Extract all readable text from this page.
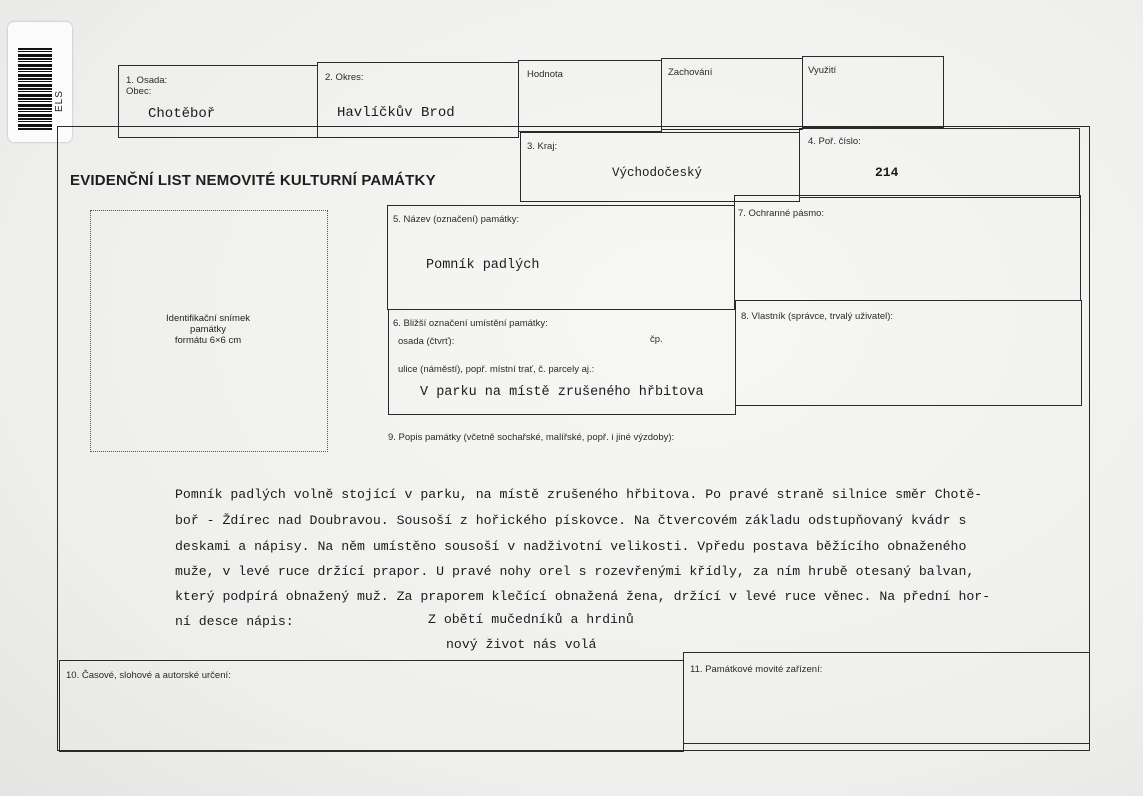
ELS
1. Osada:
Obec:
Chotěboř
2. Okres:
Havlíčkův Brod
Hodnota	Zachování	Využití
EVIDENČNÍ LIST NEMOVITÉ KULTURNÍ PAMÁTKY
3. Kraj:
Východočeský
4. Poř. číslo:
214
Identifikační snímek
památky
formátu 6×6 cm
5. Název (označení) památky:
Pomník padlých
7. Ochranné pásmo:
6. Bližší označení umístění památky:
osada (čtvrť):	čp.
ulice (náměstí), popř. místní trať, č. parcely aj.:
V parku na místě zrušeného hřbitova
8. Vlastník (správce, trvalý uživatel):
9. Popis památky (včetně sochařské, malířské, popř. i jiné výzdoby):
Pomník padlých volně stojící v parku, na místě zrušeného hřbitova. Po pravé straně silnice směr Chotě-
boř - Ždírec nad Doubravou. Sousoší z hořického pískovce. Na čtvercovém základu odstupňovaný kvádr s
deskami a nápisy. Na něm umístěno sousoší v nadživotní velikosti. Vpředu postava běžícího obnaženého
muže, v levé ruce držící prapor. U pravé nohy orel s rozevřenými křídly, za ním hrubě otesaný balvan,
který podpírá obnažený muž. Za praporem klečící obnažená žena, držící v levé ruce věnec. Na přední hor-
ní desce nápis:	Z obětí mučedníků a hrdinů
nový život nás volá
10. Časové, slohové a autorské určení:
11. Památkové movité zařízení:
